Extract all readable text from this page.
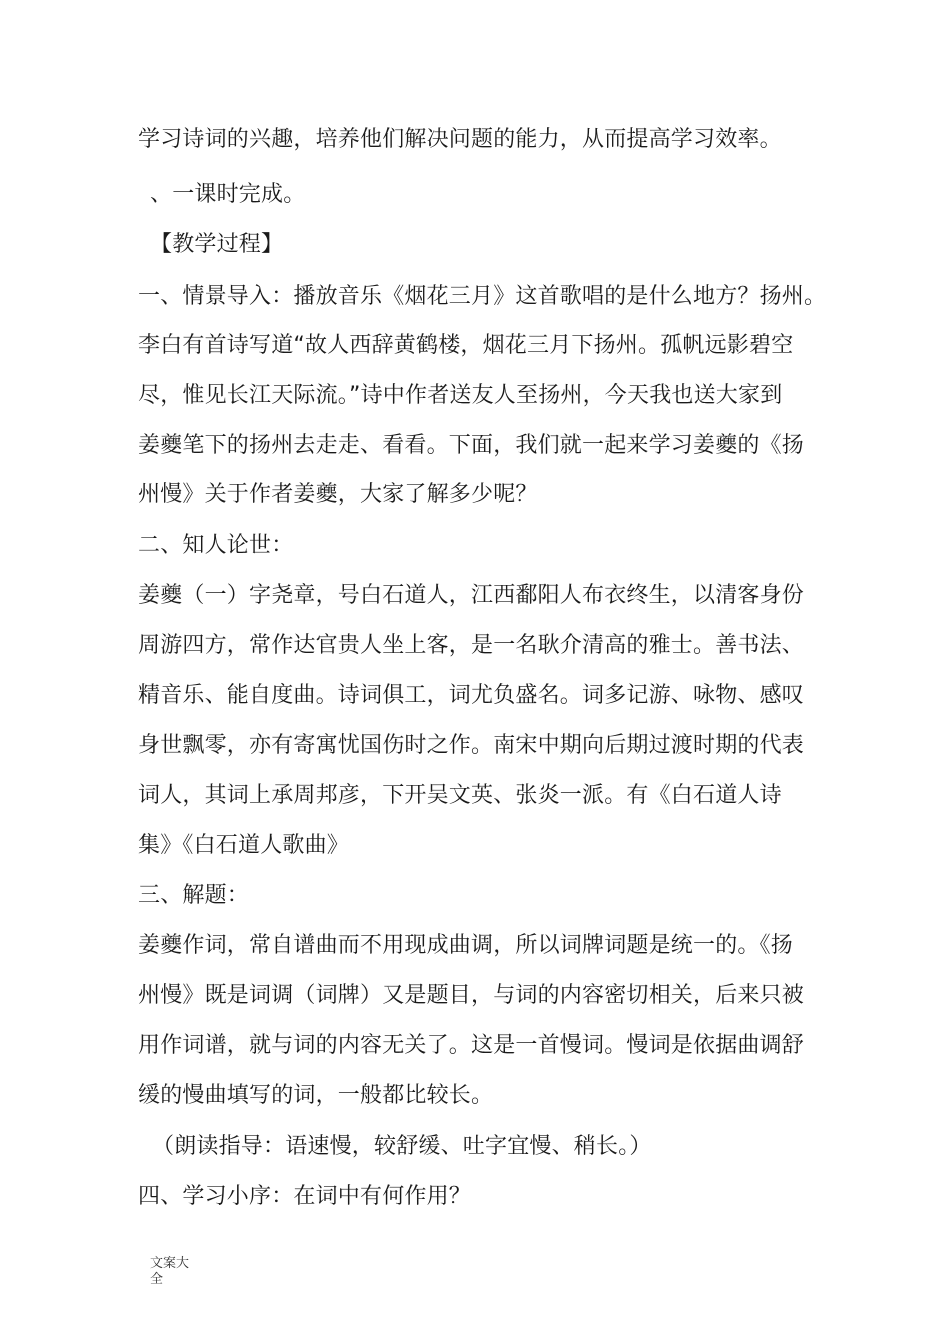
学习诗词的兴趣，培养他们解决问题的能力，从而提高学习效率。
、一课时完成。
【教学过程】
一、情景导入：播放音乐《烟花三月》这首歌唱的是什么地方？扬州。
李白有首诗写道“故人西辞黄鹤楼，烟花三月下扬州。孤帆远影碧空
尽，惟见长江天际流。”诗中作者送友人至扬州，今天我也送大家到
姜夔笔下的扬州去走走、看看。下面，我们就一起来学习姜夔的《扬
州慢》关于作者姜夔，大家了解多少呢？
二、知人论世：
姜夔（一）字尧章，号白石道人，江西鄱阳人布衣终生，以清客身份
周游四方，常作达官贵人坐上客，是一名耿介清高的雅士。善书法、
精音乐、能自度曲。诗词俱工，词尤负盛名。词多记游、咏物、感叹
身世飘零，亦有寄寓忧国伤时之作。南宋中期向后期过渡时期的代表
词人，其词上承周邦彦，下开吴文英、张炎一派。有《白石道人诗
集》《白石道人歌曲》
三、解题：
姜夔作词，常自谱曲而不用现成曲调，所以词牌词题是统一的。《扬
州慢》既是词调（词牌）又是题目，与词的内容密切相关，后来只被
用作词谱，就与词的内容无关了。这是一首慢词。慢词是依据曲调舒
缓的慢曲填写的词，一般都比较长。
（朗读指导：语速慢，较舒缓、吐字宜慢、稍长。）
四、学习小序：在词中有何作用？
文案大全
